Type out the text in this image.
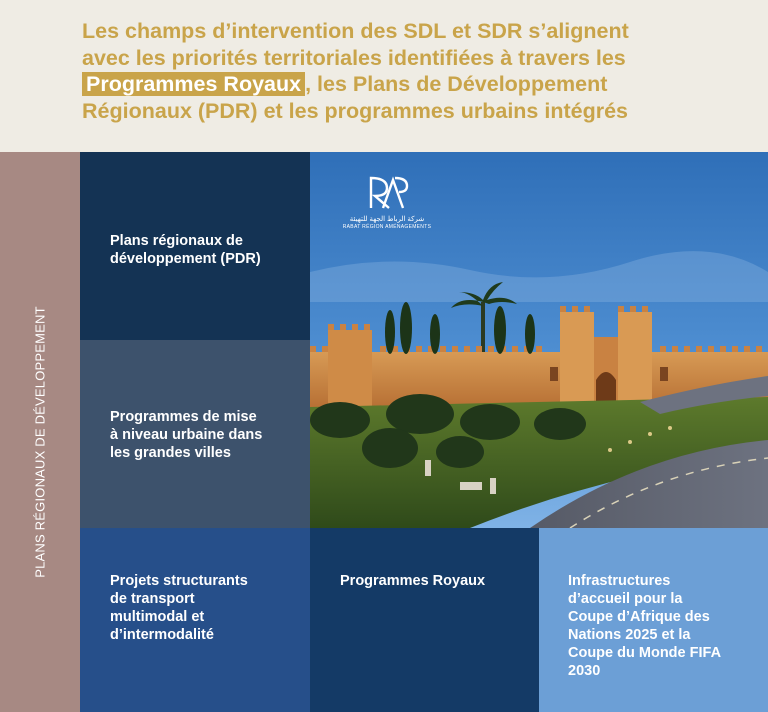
Les champs d’intervention des SDL et SDR s’alignent
avec les priorités territoriales identifiées à travers les
Programmes Royaux , les Plans de Développement
Régionaux (PDR) et les programmes urbains intégrés

PLANS RÉGIONAUX DE DÉVELOPPEMENT
Plans régionaux de
développement (PDR)
Programmes de mise
à niveau urbaine dans
les grandes villes
Projets structurants
de transport
multimodal et
d’intermodalité
Programmes Royaux	Infrastructures
d’accueil pour la
Coupe d’Afrique des
Nations 2025 et la
Coupe du Monde FIFA
2030
شركة الرباط الجهة للتهيئة
RABAT RÉGION AMÉNAGEMENTS
